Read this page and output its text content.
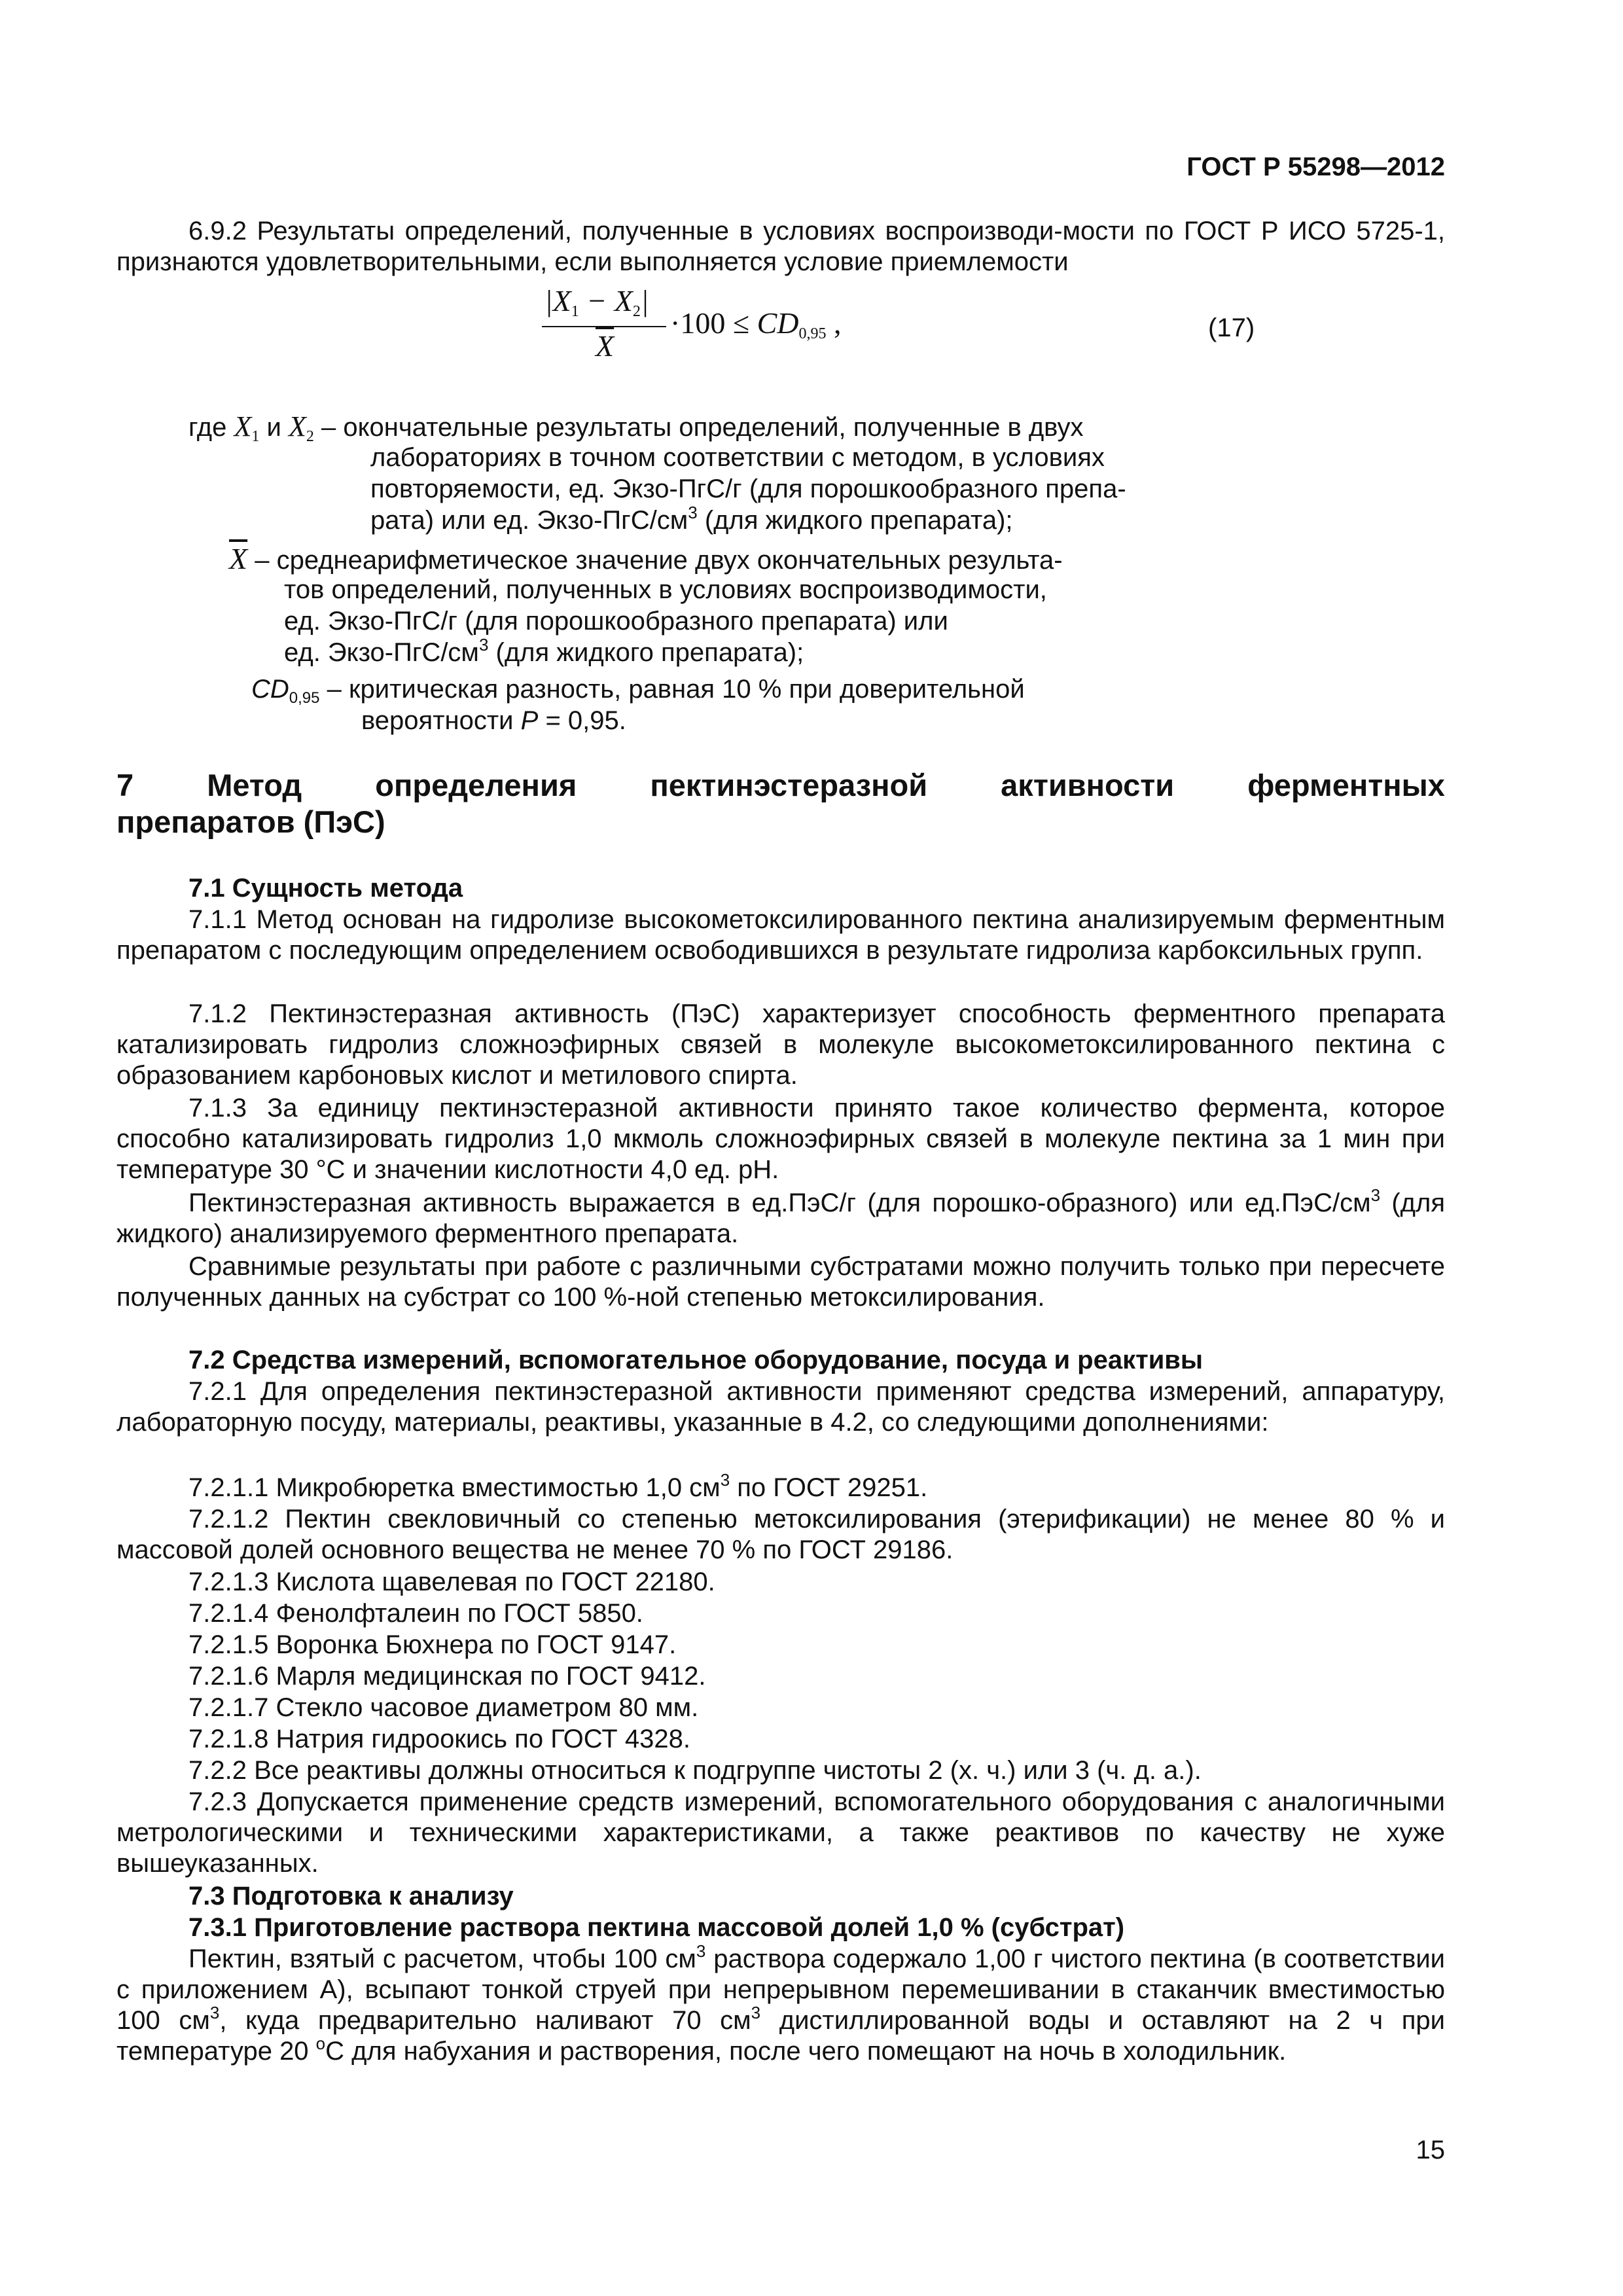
ГОСТ Р 55298—2012

6.9.2 Результаты определений, полученные в условиях воспроизводи-мости по ГОСТ Р ИСО 5725-1, признаются удовлетворительными, если выполняется условие приемлемости

|X1 − X2|
$\overline{X}$
·100 ≤ CD0,95 ,	(17)
где X1 и X2 – окончательные результаты определений, полученные в двух
лабораториях в точном соответствии с методом, в условиях
повторяемости, ед. Экзо-ПгС/г (для порошкообразного препа-
рата) или ед. Экзо-$ПгС/см^3$ (для жидкого препарата);
$\overline{X}$ – среднеарифметическое значение двух окончательных результа-
тов определений, полученных в условиях воспроизводимости,
ед. Экзо-ПгС/г (для порошкообразного препарата) или
ед. Экзо-$ПгС/см^3$ (для жидкого препарата);
$CD_{0,95}$ – критическая разность, равная 10 % при доверительной
вероятности P = 0,95.
7 Метод определения пектинэстеразной активности ферментных
препаратов (ПэС)
7.1 Сущность метода

7.1.1 Метод основан на гидролизе высокометоксилированного пектина анализируемым ферментным препаратом с последующим определением освободившихся в результате гидролиза карбоксильных групп.

7.1.2 Пектинэстеразная активность (ПэС) характеризует способность ферментного препарата катализировать гидролиз сложноэфирных связей в молекуле высокометоксилированного пектина с образованием карбоновых кислот и метилового спирта.

7.1.3 За единицу пектинэстеразной активности принято такое количество фермента, которое способно катализировать гидролиз 1,0 мкмоль сложноэфирных связей в молекуле пектина за 1 мин при температуре 30 °С и значении кислотности 4,0 ед. рН.

Пектинэстеразная активность выражается в ед.ПэС/г (для порошко-образного) или $ед.ПэС/см^3$ (для жидкого) анализируемого ферментного препарата.

Сравнимые результаты при работе с различными субстратами можно получить только при пересчете полученных данных на субстрат со 100 %-ной степенью метоксилирования.

7.2 Средства измерений, вспомогательное оборудование, посуда и реактивы

7.2.1 Для определения пектинэстеразной активности применяют средства измерений, аппаратуру, лабораторную посуду, материалы, реактивы, указанные в 4.2, со следующими дополнениями:

7.2.1.1 Микробюретка вместимостью 1,0 $см^3$ по ГОСТ 29251.

7.2.1.2 Пектин свекловичный со степенью метоксилирования (этерификации) не менее 80 % и массовой долей основного вещества не менее 70 % по ГОСТ 29186.

7.2.1.3 Кислота щавелевая по ГОСТ 22180.
7.2.1.4 Фенолфталеин по ГОСТ 5850.
7.2.1.5 Воронка Бюхнера по ГОСТ 9147.
7.2.1.6 Марля медицинская по ГОСТ 9412.
7.2.1.7 Стекло часовое диаметром 80 мм.
7.2.1.8 Натрия гидроокись по ГОСТ 4328.
7.2.2 Все реактивы должны относиться к подгруппе чистоты 2 (х. ч.) или 3 (ч. д. а.).

7.2.3 Допускается применение средств измерений, вспомогательного оборудования с аналогичными метрологическими и техническими характеристиками, а также реактивов по качеству не хуже вышеуказанных.

7.3 Подготовка к анализу
7.3.1 Приготовление раствора пектина массовой долей 1,0 % (субстрат)

Пектин, взятый с расчетом, чтобы 100 $см^3$ раствора содержало 1,00 г чистого пектина (в соответствии с приложением А), всыпают тонкой струей при непрерывном перемешивании в стаканчик вместимостью 100 $см^3$, куда предварительно наливают 70 $см^3$ дистиллированной воды и оставляют на 2 ч при температуре 20 $^о$С для набухания и растворения, после чего помещают на ночь в холодильник.

15
